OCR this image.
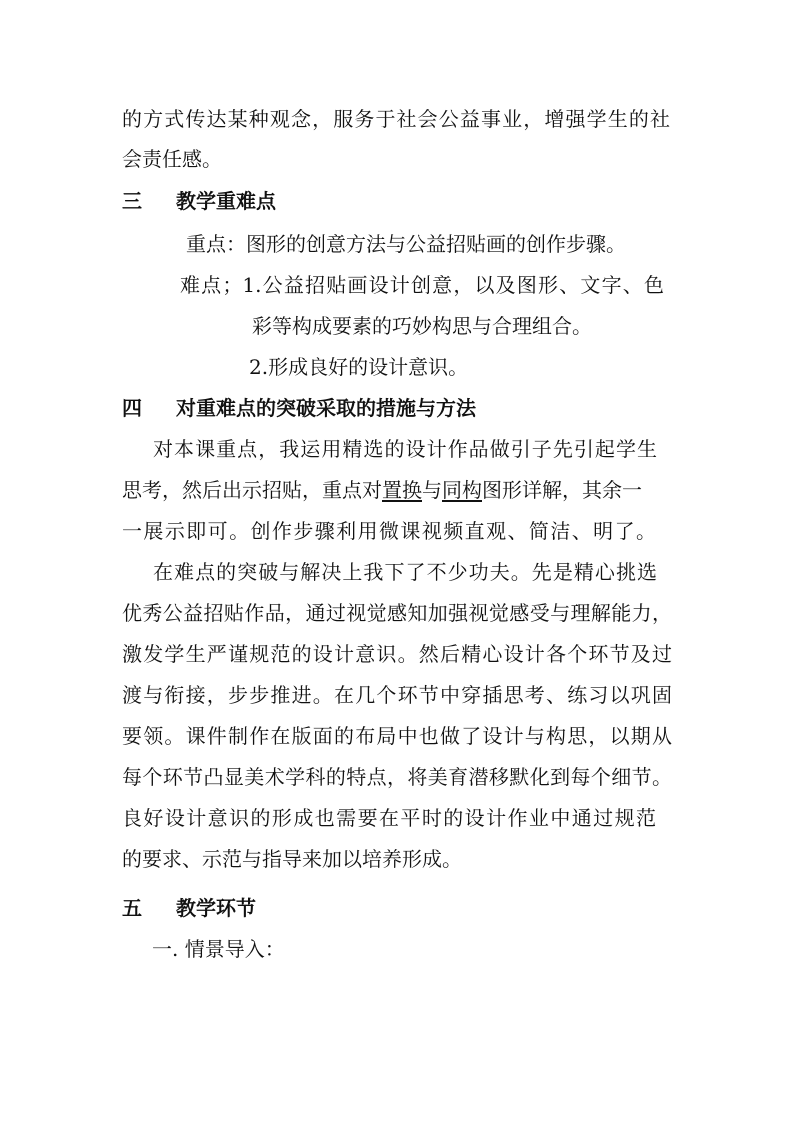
的方式传达某种观念，服务于社会公益事业，增强学生的社
会责任感。
三 教学重难点
重点：图形的创意方法与公益招贴画的创作步骤。
难点；1.公益招贴画设计创意，以及图形、文字、色
彩等构成要素的巧妙构思与合理组合。
2.形成良好的设计意识。
四 对重难点的突破采取的措施与方法
对本课重点，我运用精选的设计作品做引子先引起学生
思考，然后出示招贴，重点对置换与同构图形详解，其余一
一展示即可。创作步骤利用微课视频直观、简洁、明了。
在难点的突破与解决上我下了不少功夫。先是精心挑选
优秀公益招贴作品，通过视觉感知加强视觉感受与理解能力，
激发学生严谨规范的设计意识。然后精心设计各个环节及过
渡与衔接，步步推进。在几个环节中穿插思考、练习以巩固
要领。课件制作在版面的布局中也做了设计与构思，以期从
每个环节凸显美术学科的特点，将美育潜移默化到每个细节。
良好设计意识的形成也需要在平时的设计作业中通过规范
的要求、示范与指导来加以培养形成。
五 教学环节
一. 情景导入：
